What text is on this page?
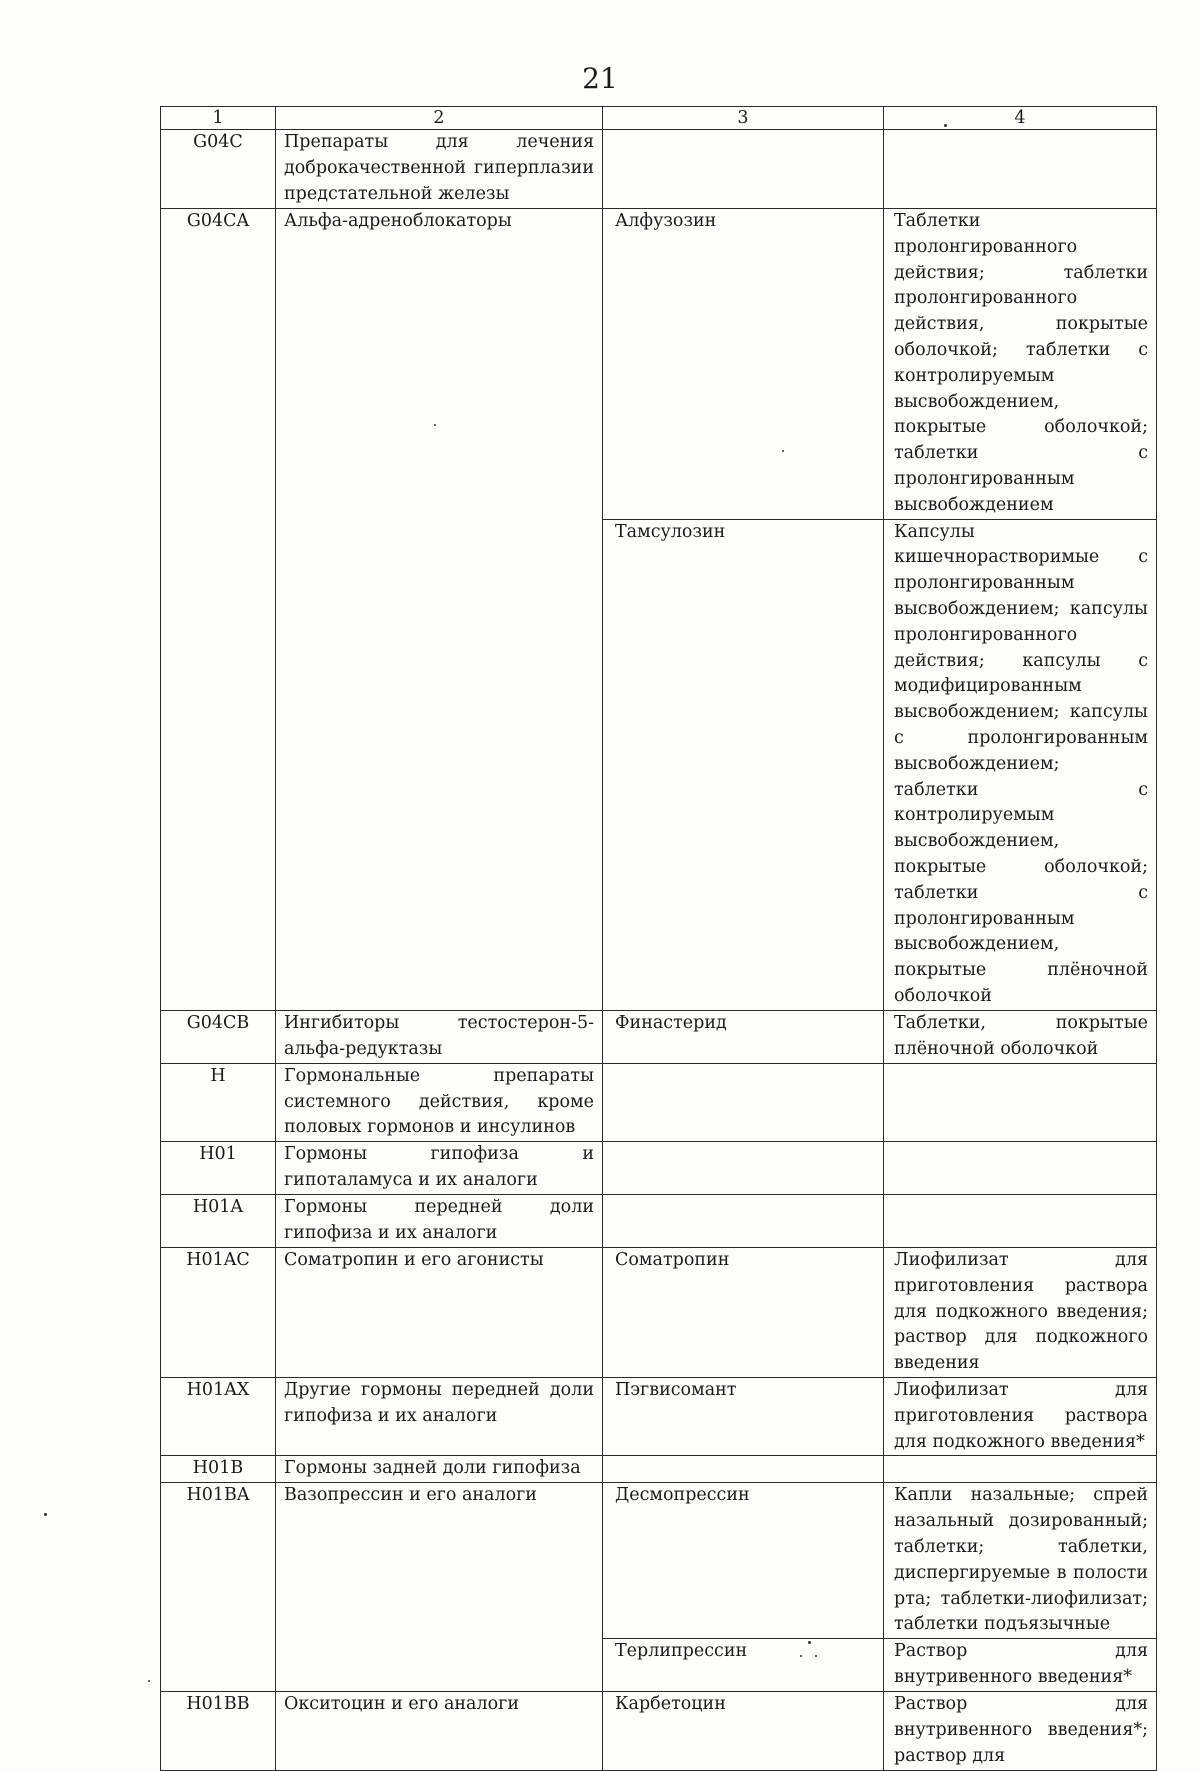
21
1	2	3	4
G04C	Препараты для лечения доброкачественной гиперплазии предстательной железы		
G04CA	Альфа-адреноблокаторы	Алфузозин	Таблетки пролонгированного действия; таблетки пролонгированного действия, покрытые оболочкой; таблетки с контролируемым высвобождением, покрытые оболочкой; таблетки с пролонгированным высвобождением
		Тамсулозин	Капсулы кишечнорастворимые с пролонгированным высвобождением; капсулы пролонгированного действия; капсулы с модифицированным высвобождением; капсулы с пролонгированным высвобождением; таблетки с контролируемым высвобождением, покрытые оболочкой; таблетки с пролонгированным высвобождением, покрытые плёночной оболочкой
G04CB	Ингибиторы тестостерон-5-альфа-редуктазы	Финастерид	Таблетки, покрытые плёночной оболочкой
H	Гормональные препараты системного действия, кроме половых гормонов и инсулинов		
H01	Гормоны гипофиза и гипоталамуса и их аналоги		
H01A	Гормоны передней доли гипофиза и их аналоги		
H01AC	Соматропин и его агонисты	Соматропин	Лиофилизат для приготовления раствора для подкожного введения; раствор для подкожного введения
H01AX	Другие гормоны передней доли гипофиза и их аналоги	Пэгвисомант	Лиофилизат для приготовления раствора для подкожного введения*
H01B	Гормоны задней доли гипофиза		
H01BA	Вазопрессин и его аналоги	Десмопрессин	Капли назальные; спрей назальный дозированный; таблетки; таблетки, диспергируемые в полости рта; таблетки-лиофилизат; таблетки подъязычные
		Терлипрессин	Раствор для внутривенного введения*
H01BB	Окситоцин и его аналоги	Карбетоцин	Раствор для внутривенного введения*; раствор для
